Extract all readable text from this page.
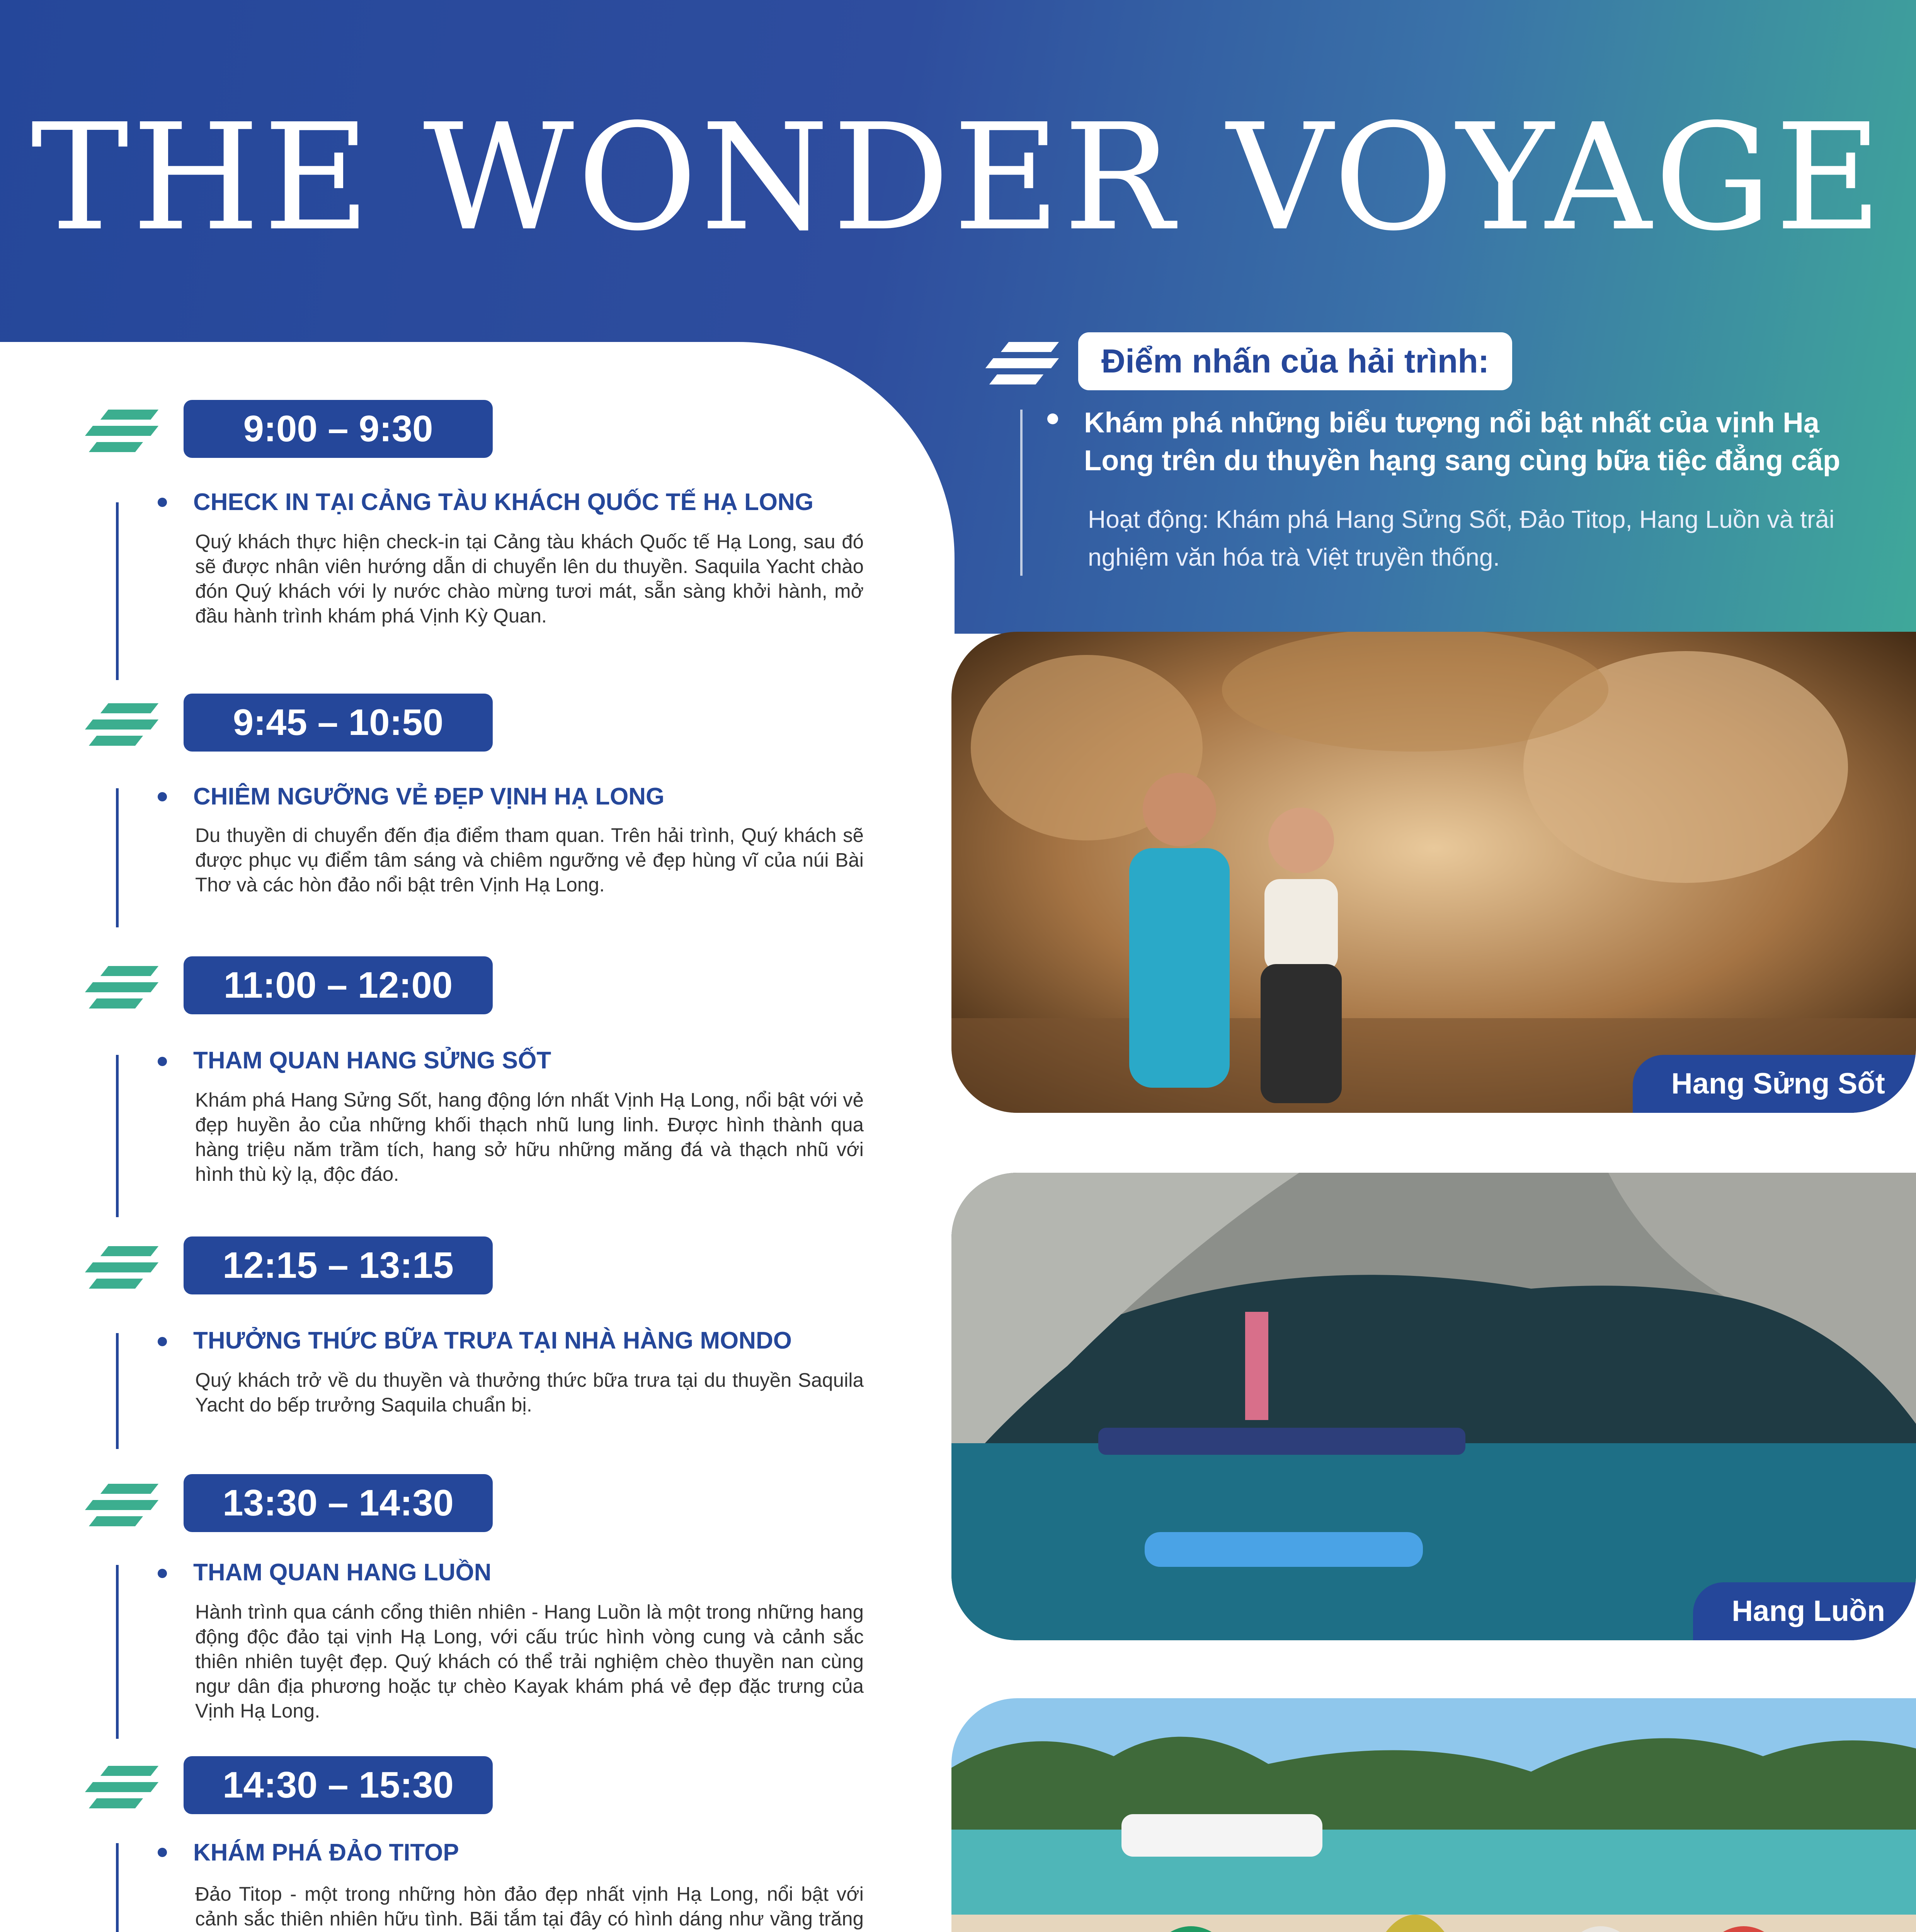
THE WONDER VOYAGE
Điểm nhấn của hải trình:
Khám phá những biểu tượng nổi bật nhất của vịnh Hạ Long trên du thuyền hạng sang cùng bữa tiệc đẳng cấp
Hoạt động: Khám phá Hang Sửng Sốt, Đảo Titop, Hang Luồn và trải nghiệm văn hóa trà Việt truyền thống.
9:00 – 9:30
CHECK IN TẠI CẢNG TÀU KHÁCH QUỐC TẾ HẠ LONG
Quý khách thực hiện check-in tại Cảng tàu khách Quốc tế Hạ Long, sau đó sẽ được nhân viên hướng dẫn di chuyển lên du thuyền. Saquila Yacht chào đón Quý khách với ly nước chào mừng tươi mát, sẵn sàng khởi hành, mở đầu hành trình khám phá Vịnh Kỳ Quan.
9:45 – 10:50
CHIÊM NGƯỠNG VẺ ĐẸP VỊNH HẠ LONG
Du thuyền di chuyển đến địa điểm tham quan. Trên hải trình, Quý khách sẽ được phục vụ điểm tâm sáng và chiêm ngưỡng vẻ đẹp hùng vĩ của núi Bài Thơ và các hòn đảo nổi bật trên Vịnh Hạ Long.
11:00 – 12:00
THAM QUAN HANG SỬNG SỐT
Khám phá Hang Sửng Sốt, hang động lớn nhất Vịnh Hạ Long, nổi bật với vẻ đẹp huyền ảo của những khối thạch nhũ lung linh. Được hình thành qua hàng triệu năm trầm tích, hang sở hữu những măng đá và thạch nhũ với hình thù kỳ lạ, độc đáo.
12:15 – 13:15
THƯỞNG THỨC BỮA TRƯA TẠI NHÀ HÀNG MONDO
Quý khách trở về du thuyền và thưởng thức bữa trưa tại du thuyền Saquila Yacht do bếp trưởng Saquila chuẩn bị.
13:30 – 14:30
THAM QUAN HANG LUỒN
Hành trình qua cánh cổng thiên nhiên - Hang Luồn là một trong những hang động độc đảo tại vịnh Hạ Long, với cấu trúc hình vòng cung và cảnh sắc thiên nhiên tuyệt đẹp. Quý khách có thể trải nghiệm chèo thuyền nan cùng ngư dân địa phương hoặc tự chèo Kayak khám phá vẻ đẹp đặc trưng của Vịnh Hạ Long.
14:30 – 15:30
KHÁM PHÁ ĐẢO TITOP
Đảo Titop - một trong những hòn đảo đẹp nhất vịnh Hạ Long, nổi bật với cảnh sắc thiên nhiên hữu tình. Bãi tắm tại đây có hình dáng như vầng trăng
Hang Sửng Sốt
Hang Luồn
